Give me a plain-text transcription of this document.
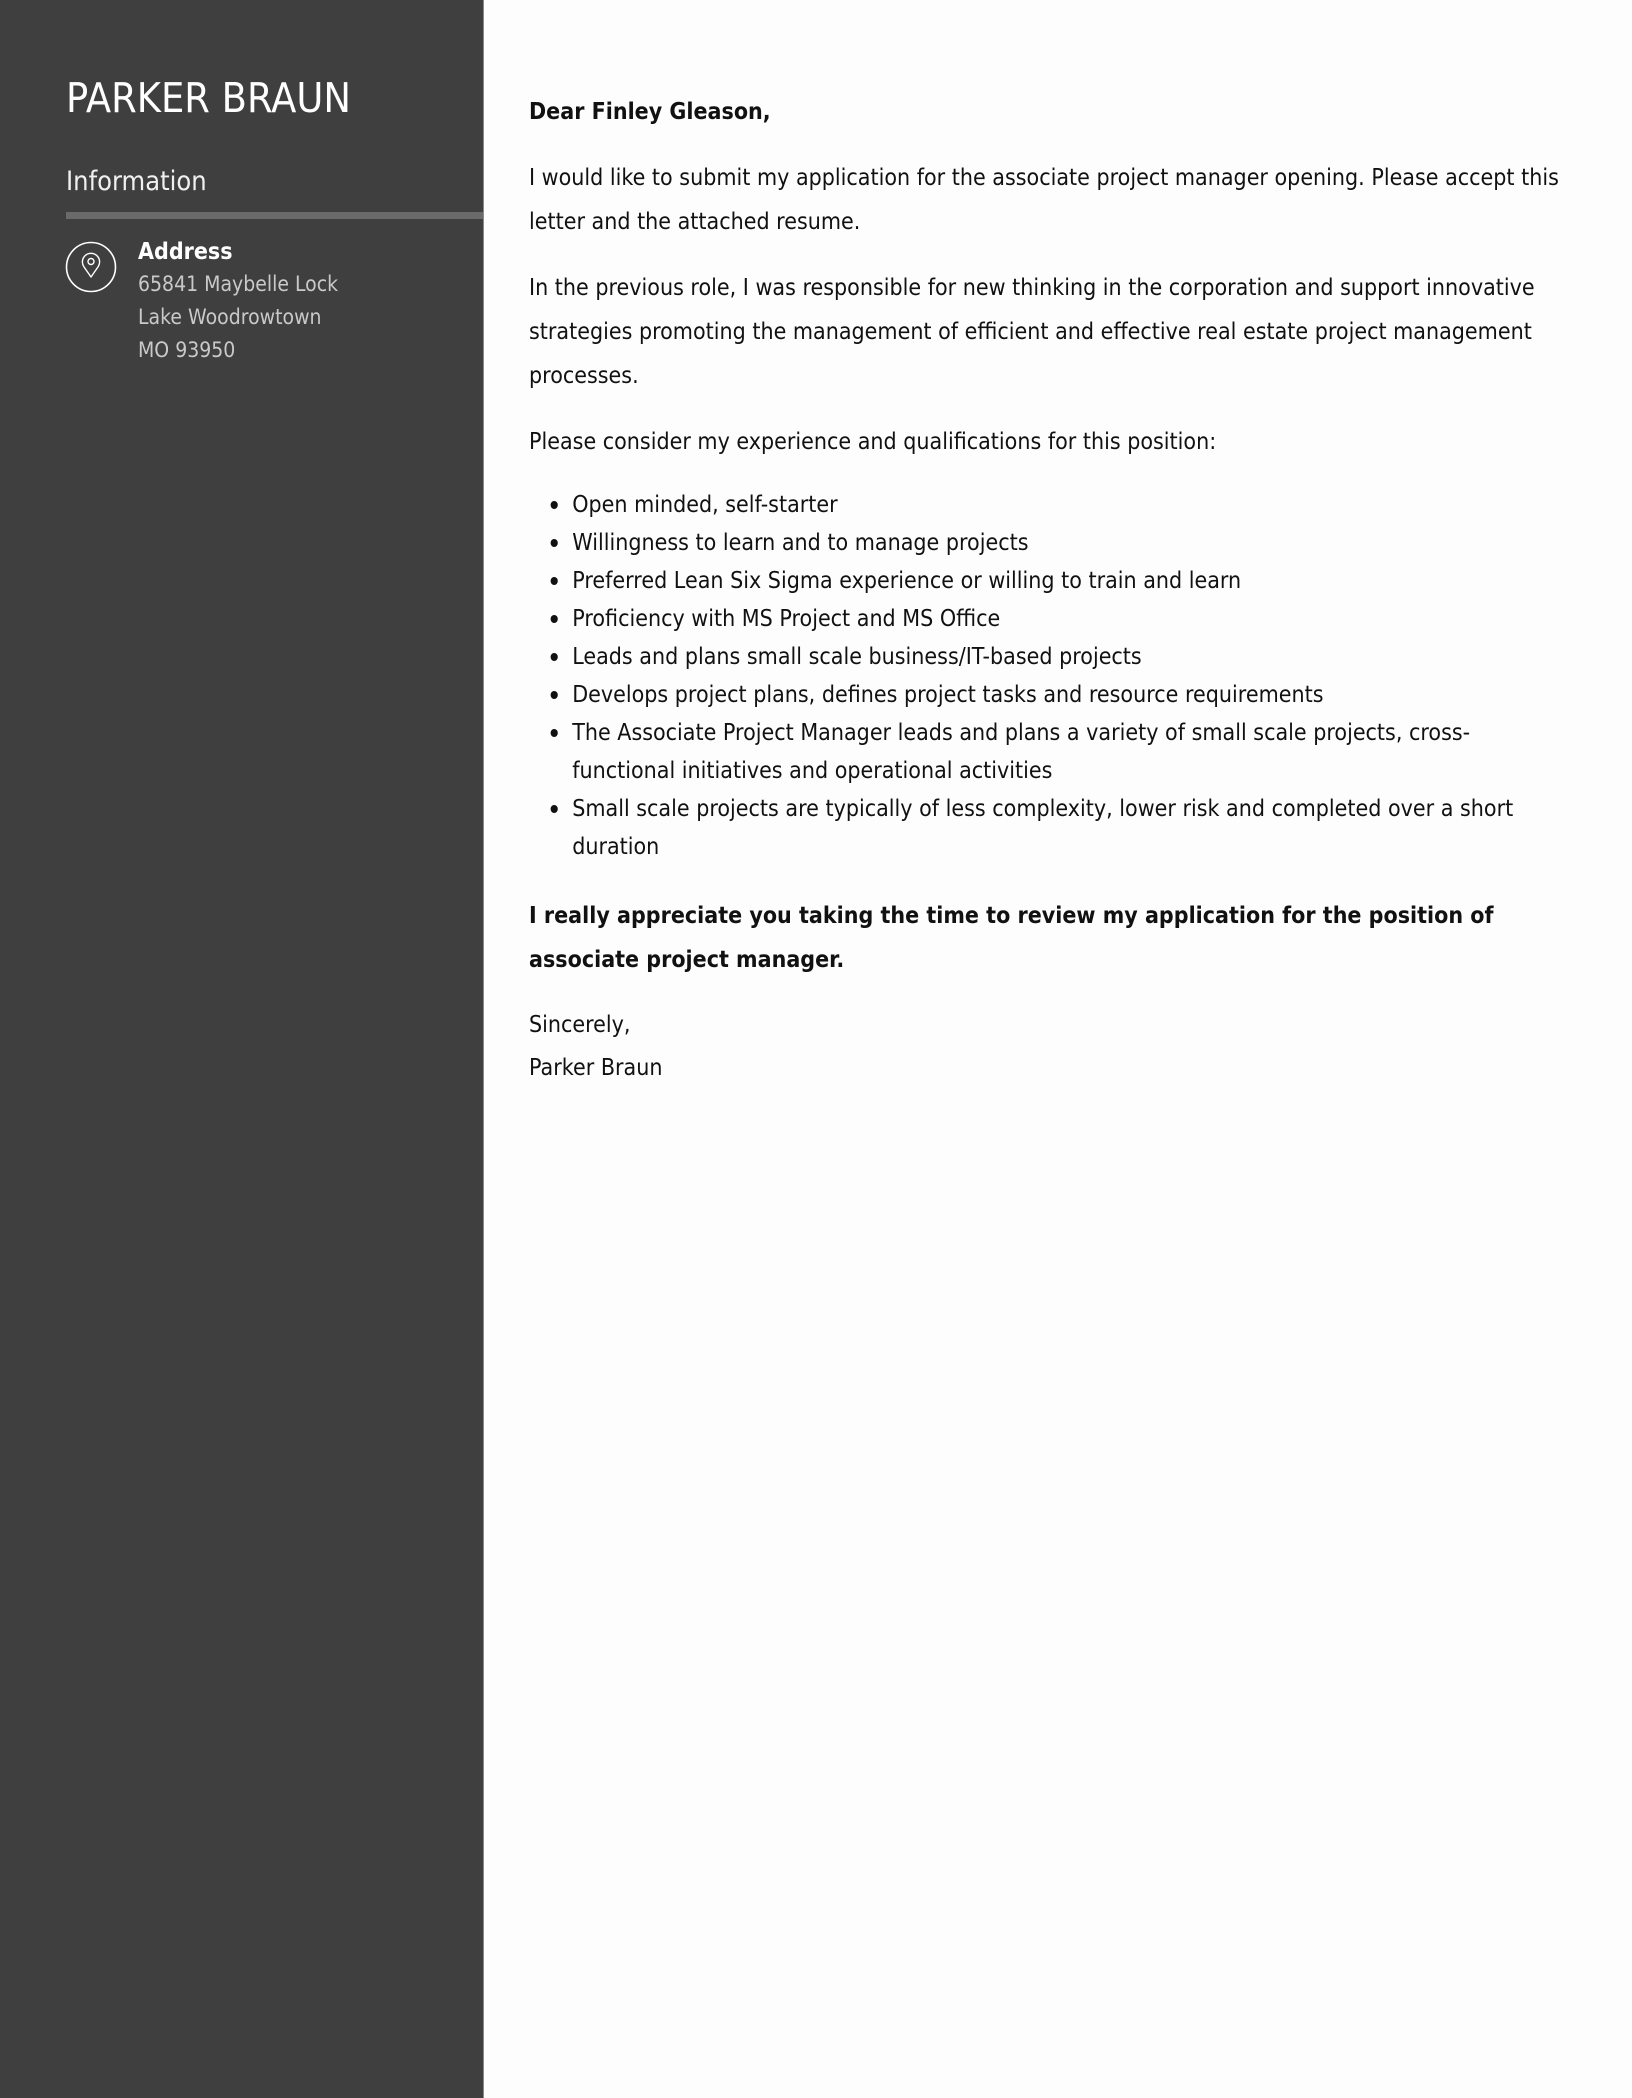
PARKER BRAUN
Information
Address
65841 Maybelle Lock
Lake Woodrowtown
MO 93950

Dear Finley Gleason,

I would like to submit my application for the associate project manager opening. Please accept this letter and the attached resume.

In the previous role, I was responsible for new thinking in the corporation and support innovative strategies promoting the management of efficient and effective real estate project management processes.

Please consider my experience and qualifications for this position:

Open minded, self-starter
Willingness to learn and to manage projects
Preferred Lean Six Sigma experience or willing to train and learn
Proficiency with MS Project and MS Office
Leads and plans small scale business/IT-based projects
Develops project plans, defines project tasks and resource requirements
The Associate Project Manager leads and plans a variety of small scale projects, cross-functional initiatives and operational activities
Small scale projects are typically of less complexity, lower risk and completed over a short duration

I really appreciate you taking the time to review my application for the position of associate project manager.

Sincerely,

Parker Braun
